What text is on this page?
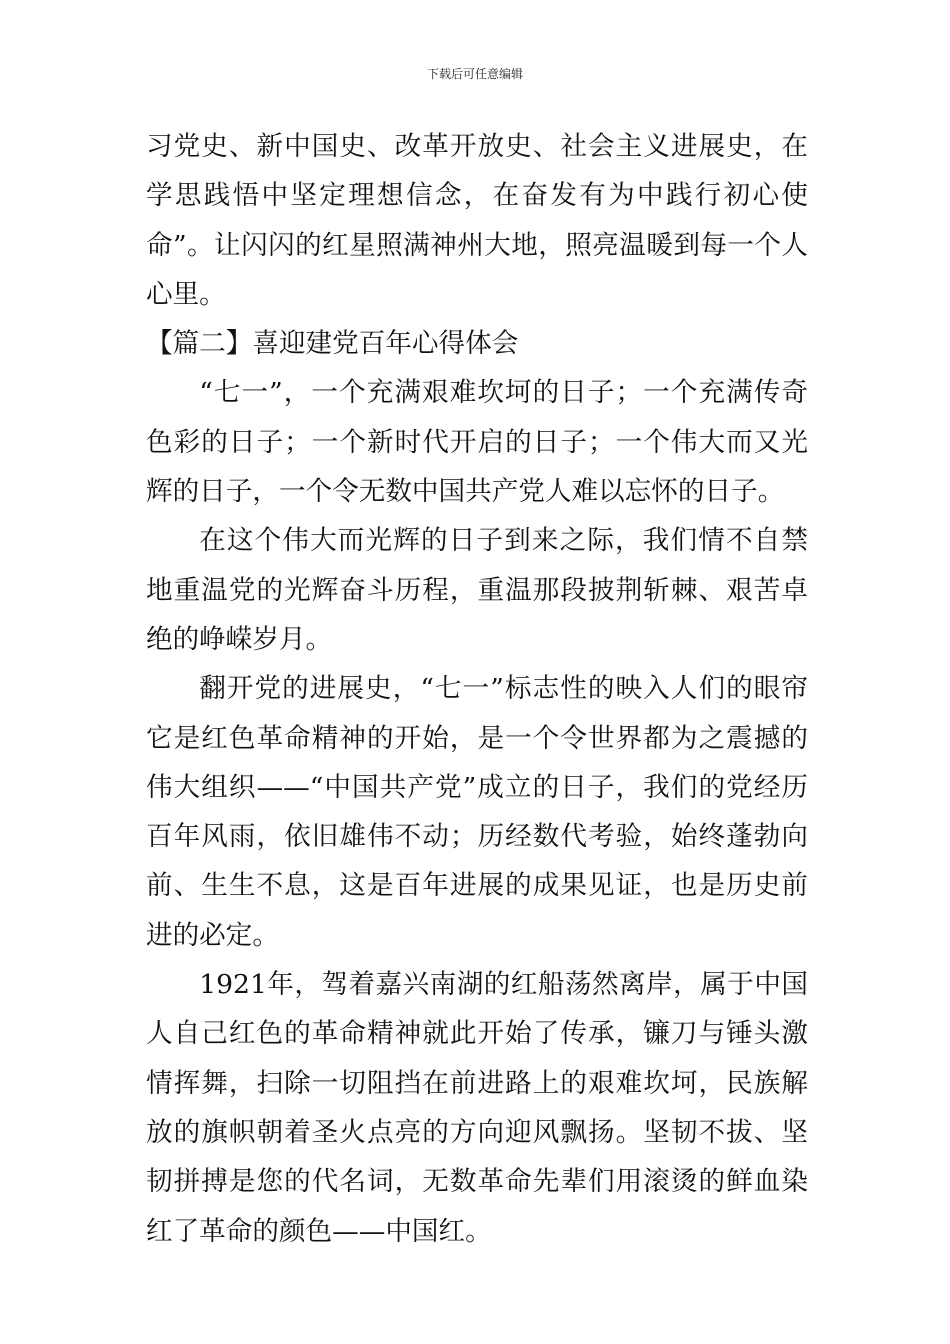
下载后可任意编辑

习党史、新中国史、改革开放史、社会主义进展史，在学思践悟中坚定理想信念，在奋发有为中践行初心使命”。让闪闪的红星照满神州大地，照亮温暖到每一个人心里。

【篇二】喜迎建党百年心得体会

“七一”，一个充满艰难坎坷的日子；一个充满传奇色彩的日子；一个新时代开启的日子；一个伟大而又光辉的日子，一个令无数中国共产党人难以忘怀的日子。

在这个伟大而光辉的日子到来之际，我们情不自禁地重温党的光辉奋斗历程，重温那段披荆斩棘、艰苦卓绝的峥嵘岁月。

翻开党的进展史，“七一”标志性的映入人们的眼帘它是红色革命精神的开始，是一个令世界都为之震撼的伟大组织——“中国共产党”成立的日子，我们的党经历百年风雨，依旧雄伟不动；历经数代考验，始终蓬勃向前、生生不息，这是百年进展的成果见证，也是历史前进的必定。

1921年，驾着嘉兴南湖的红船荡然离岸，属于中国人自己红色的革命精神就此开始了传承，镰刀与锤头激情挥舞，扫除一切阻挡在前进路上的艰难坎坷，民族解放的旗帜朝着圣火点亮的方向迎风飘扬。坚韧不拔、坚韧拼搏是您的代名词，无数革命先辈们用滚烫的鲜血染红了革命的颜色——中国红。
